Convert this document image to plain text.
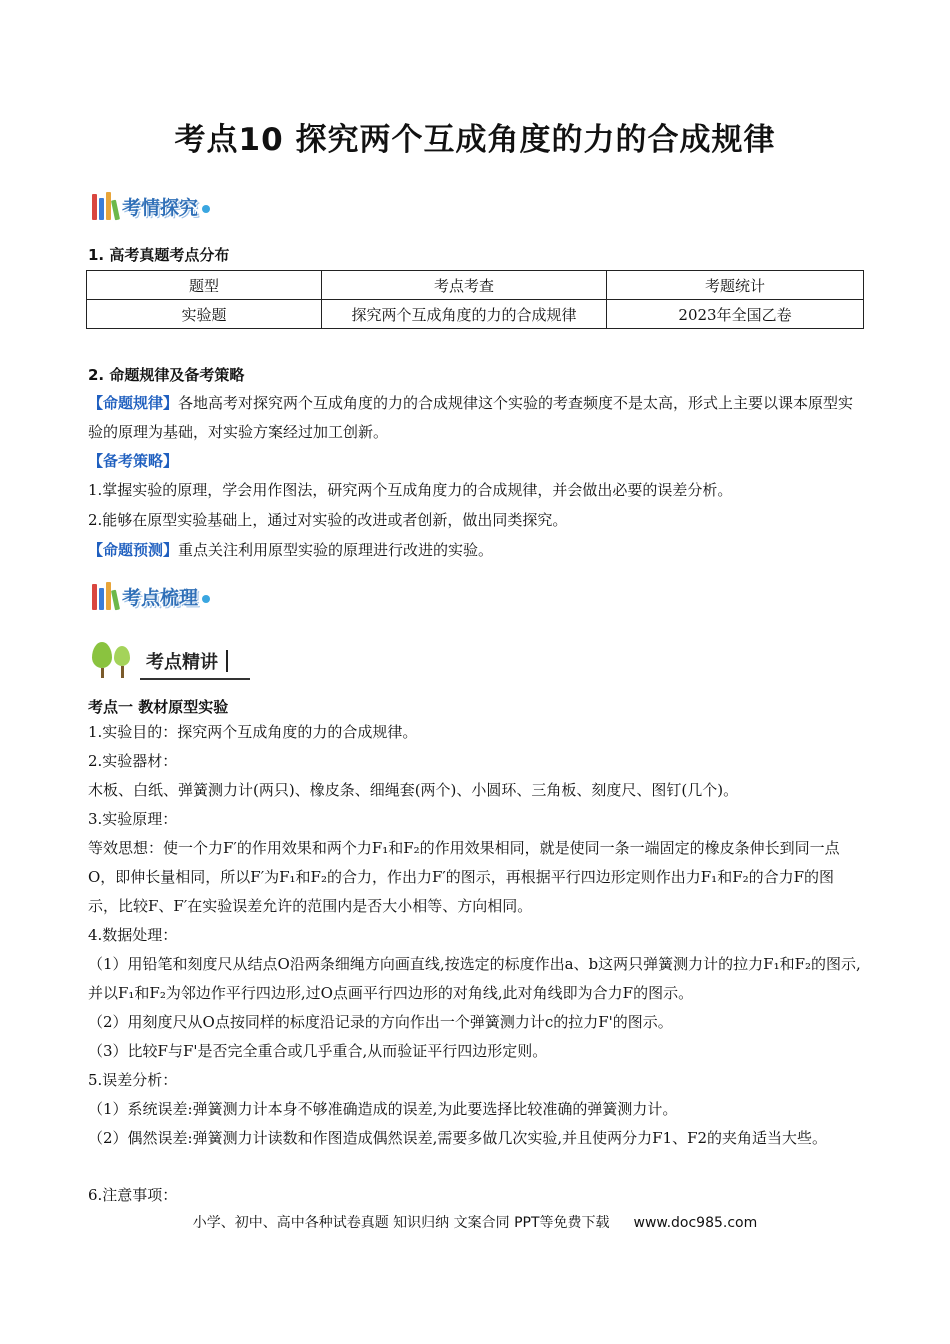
考点10 探究两个互成角度的力的合成规律
考情探究
1. 高考真题考点分布
题型	考点考查	考题统计
实验题	探究两个互成角度的力的合成规律	2023年全国乙卷
2. 命题规律及备考策略
【命题规律】各地高考对探究两个互成角度的力的合成规律这个实验的考查频度不是太高，形式上主要以课本原型实验的原理为基础，对实验方案经过加工创新。
【备考策略】
1.掌握实验的原理，学会用作图法，研究两个互成角度力的合成规律，并会做出必要的误差分析。
2.能够在原型实验基础上，通过对实验的改进或者创新，做出同类探究。
【命题预测】重点关注利用原型实验的原理进行改进的实验。
考点梳理
考点精讲
考点一 教材原型实验
1.实验目的：探究两个互成角度的力的合成规律。
2.实验器材：
木板、白纸、弹簧测力计(两只)、橡皮条、细绳套(两个)、小圆环、三角板、刻度尺、图钉(几个)。
3.实验原理：
等效思想：使一个力F′的作用效果和两个力F₁和F₂的作用效果相同，就是使同一条一端固定的橡皮条伸长到同一点O，即伸长量相同，所以F′为F₁和F₂的合力，作出力F′的图示，再根据平行四边形定则作出力F₁和F₂的合力F的图示，比较F、F′在实验误差允许的范围内是否大小相等、方向相同。
4.数据处理：
（1）用铅笔和刻度尺从结点O沿两条细绳方向画直线,按选定的标度作出a、b这两只弹簧测力计的拉力F₁和F₂的图示,并以F₁和F₂为邻边作平行四边形,过O点画平行四边形的对角线,此对角线即为合力F的图示。
（2）用刻度尺从O点按同样的标度沿记录的方向作出一个弹簧测力计c的拉力F'的图示。
（3）比较F与F'是否完全重合或几乎重合,从而验证平行四边形定则。
5.误差分析：
（1）系统误差:弹簧测力计本身不够准确造成的误差,为此要选择比较准确的弹簧测力计。
（2）偶然误差:弹簧测力计读数和作图造成偶然误差,需要多做几次实验,并且使两分力F1、F2的夹角适当大些。
6.注意事项：
小学、初中、高中各种试卷真题 知识归纳 文案合同 PPT等免费下载 www.doc985.com
